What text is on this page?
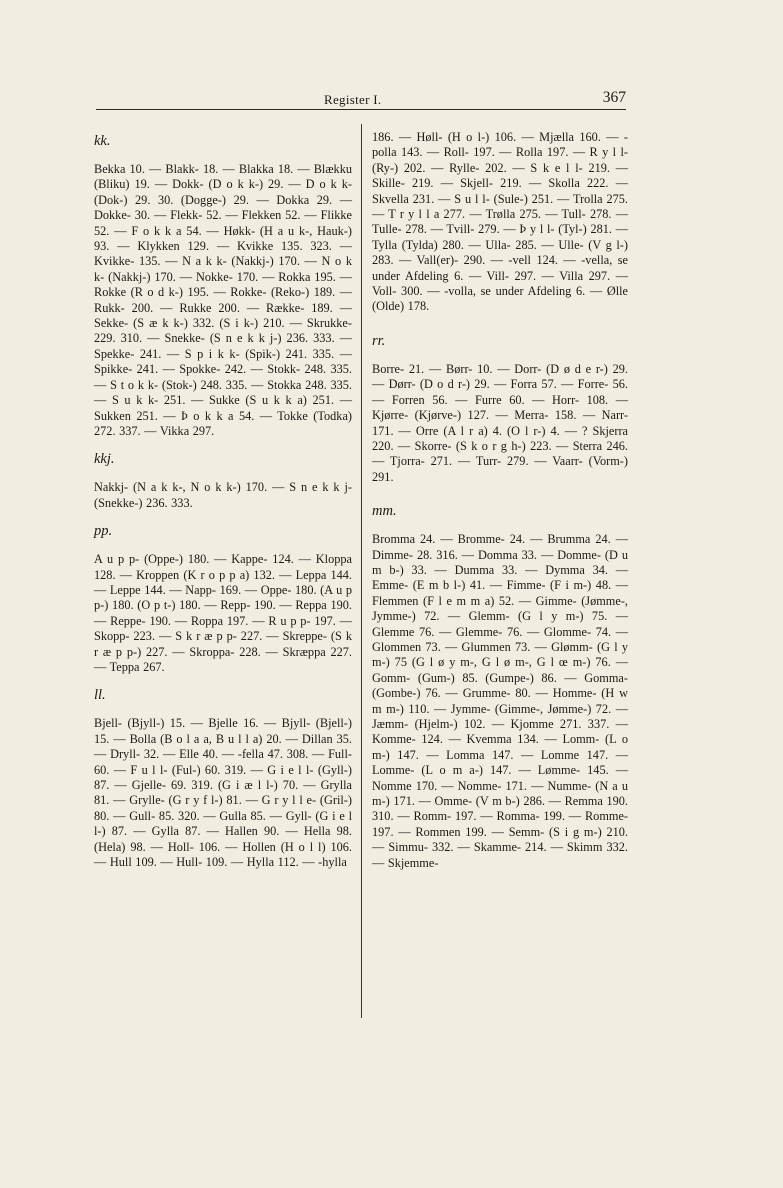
Register I.	367
kk.
Bekka 10. — Blakk- 18. — Blakka 18. — Blækku (Bliku) 19. — Dokk- (D o k k-) 29. — D o k k- (Dok-) 29. 30. (Dogge-) 29. — Dokka 29. — Dokke- 30. — Flekk- 52. — Flekken 52. — Flikke 52. — F o k k a 54. — Høkk- (H a u k-, Hauk-) 93. — Klykken 129. — Kvikke 135. 323. — Kvikke- 135. — N a k k- (Nakkj-) 170. — N o k k- (Nakkj-) 170. — Nokke- 170. — Rokka 195. — Rokke (R o d k-) 195. — Rokke- (Reko-) 189. — Rukk- 200. — Rukke 200. — Række- 189. — Sekke- (S æ k k-) 332. (S i k-) 210. — Skrukke- 229. 310. — Snekke- (S n e k k j-) 236. 333. — Spekke- 241. — S p i k k- (Spik-) 241. 335. — Spikke- 241. — Spokke- 242. — Stokk- 248. 335. — S t o k k- (Stok-) 248. 335. — Stokka 248. 335. — S u k k- 251. — Sukke (S u k k a) 251. — Sukken 251. — Þ o k k a 54. — Tokke (Todka) 272. 337. — Vikka 297.
kkj.
Nakkj- (N a k k-, N o k k-) 170. — S n e k k j- (Snekke-) 236. 333.
pp.
A u p p- (Oppe-) 180. — Kappe- 124. — Kloppa 128. — Kroppen (K r o p p a) 132. — Leppa 144. — Leppe 144. — Napp- 169. — Oppe- 180. (A u p p-) 180. (O p t-) 180. — Repp- 190. — Reppa 190. — Reppe- 190. — Roppa 197. — R u p p- 197. — Skopp- 223. — S k r æ p p- 227. — Skreppe- (S k r æ p p-) 227. — Skroppa- 228. — Skræppa 227. — Teppa 267.
ll.
Bjell- (Bjyll-) 15. — Bjelle 16. — Bjyll- (Bjell-) 15. — Bolla (B o l a a, B u l l a) 20. — Dillan 35. — Dryll- 32. — Elle 40. — -fella 47. 308. — Full- 60. — F u l l- (Ful-) 60. 319. — G i e l l- (Gyll-) 87. — Gjelle- 69. 319. (G i æ l l-) 70. — Grylla 81. — Grylle- (G r y f l-) 81. — G r y l l e- (Gril-) 80. — Gull- 85. 320. — Gulla 85. — Gyll- (G i e l l-) 87. — Gylla 87. — Hallen 90. — Hella 98. (Hela) 98. — Holl- 106. — Hollen (H o l l) 106. — Hull 109. — Hull- 109. — Hylla 112. — -hylla
186. — Høll- (H o l-) 106. — Mjælla 160. — -polla 143. — Roll- 197. — Rolla 197. — R y l l- (Ry-) 202. — Rylle- 202. — S k e l l- 219. — Skille- 219. — Skjell- 219. — Skolla 222. — Skvella 231. — S u l l- (Sule-) 251. — Trolla 275. — T r y l l a 277. — Trølla 275. — Tull- 278. — Tulle- 278. — Tvill- 279. — Þ y l l- (Tyl-) 281. — Tylla (Tylda) 280. — Ulla- 285. — Ulle- (V g l-) 283. — Vall(er)- 290. — -vell 124. — -vella, se under Afdeling 6. — Vill- 297. — Villa 297. — Voll- 300. — -volla, se under Afdeling 6. — Ølle (Olde) 178.
rr.
Borre- 21. — Børr- 10. — Dorr- (D ø d e r-) 29. — Dørr- (D o d r-) 29. — Forra 57. — Forre- 56. — Forren 56. — Furre 60. — Horr- 108. — Kjørre- (Kjørve-) 127. — Merra- 158. — Narr- 171. — Orre (A l r a) 4. (O l r-) 4. — ? Skjerra 220. — Skorre- (S k o r g h-) 223. — Sterra 246. — Tjorra- 271. — Turr- 279. — Vaarr- (Vorm-) 291.
mm.
Bromma 24. — Bromme- 24. — Brumma 24. — Dimme- 28. 316. — Domma 33. — Domme- (D u m b-) 33. — Dumma 33. — Dymma 34. — Emme- (E m b l-) 41. — Fimme- (F i m-) 48. — Flemmen (F l e m m a) 52. — Gimme- (Jømme-, Jymme-) 72. — Glemm- (G l y m-) 75. — Glemme 76. — Glemme- 76. — Glomme- 74. — Glommen 73. — Glummen 73. — Glømm- (G l y m-) 75 (G l ø y m-, G l ø m-, G l œ m-) 76. — Gomm- (Gum-) 85. (Gumpe-) 86. — Gomma- (Gombe-) 76. — Grumme- 80. — Homme- (H w m m-) 110. — Jymme- (Gimme-, Jømme-) 72. — Jæmm- (Hjelm-) 102. — Kjomme 271. 337. — Komme- 124. — Kvemma 134. — Lomm- (L o m-) 147. — Lomma 147. — Lomme 147. — Lomme- (L o m a-) 147. — Lømme- 145. — Nomme 170. — Nomme- 171. — Numme- (N a u m-) 171. — Omme- (V m b-) 286. — Remma 190. 310. — Romm- 197. — Romma- 199. — Romme- 197. — Rommen 199. — Semm- (S i g m-) 210. — Simmu- 332. — Skamme- 214. — Skimm 332. — Skjemme-
